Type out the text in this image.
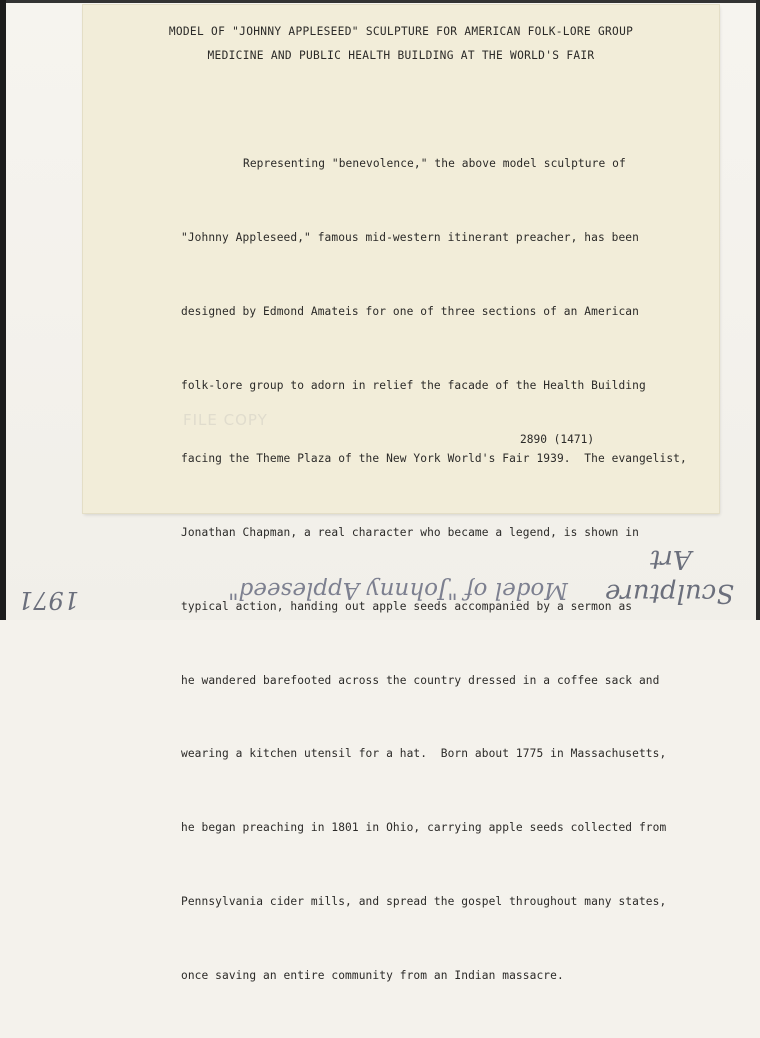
MODEL OF "JOHNNY APPLESEED" SCULPTURE FOR AMERICAN FOLK-LORE GROUP
MEDICINE AND PUBLIC HEALTH BUILDING AT THE WORLD'S FAIR

Representing "benevolence," the above model sculpture of

"Johnny Appleseed," famous mid-western itinerant preacher, has been

designed by Edmond Amateis for one of three sections of an American

folk-lore group to adorn in relief the facade of the Health Building

facing the Theme Plaza of the New York World's Fair 1939.  The evangelist,

Jonathan Chapman, a real character who became a legend, is shown in

typical action, handing out apple seeds accompanied by a sermon as

he wandered barefooted across the country dressed in a coffee sack and

wearing a kitchen utensil for a hat.  Born about 1775 in Massachusetts,

he began preaching in 1801 in Ohio, carrying apple seeds collected from

Pennsylvania cider mills, and spread the gospel throughout many states,

once saving an entire community from an Indian massacre.

FILE COPY
2890 (1471)
Sculpture
Art
Model of "Johnny Appleseed"
1971
